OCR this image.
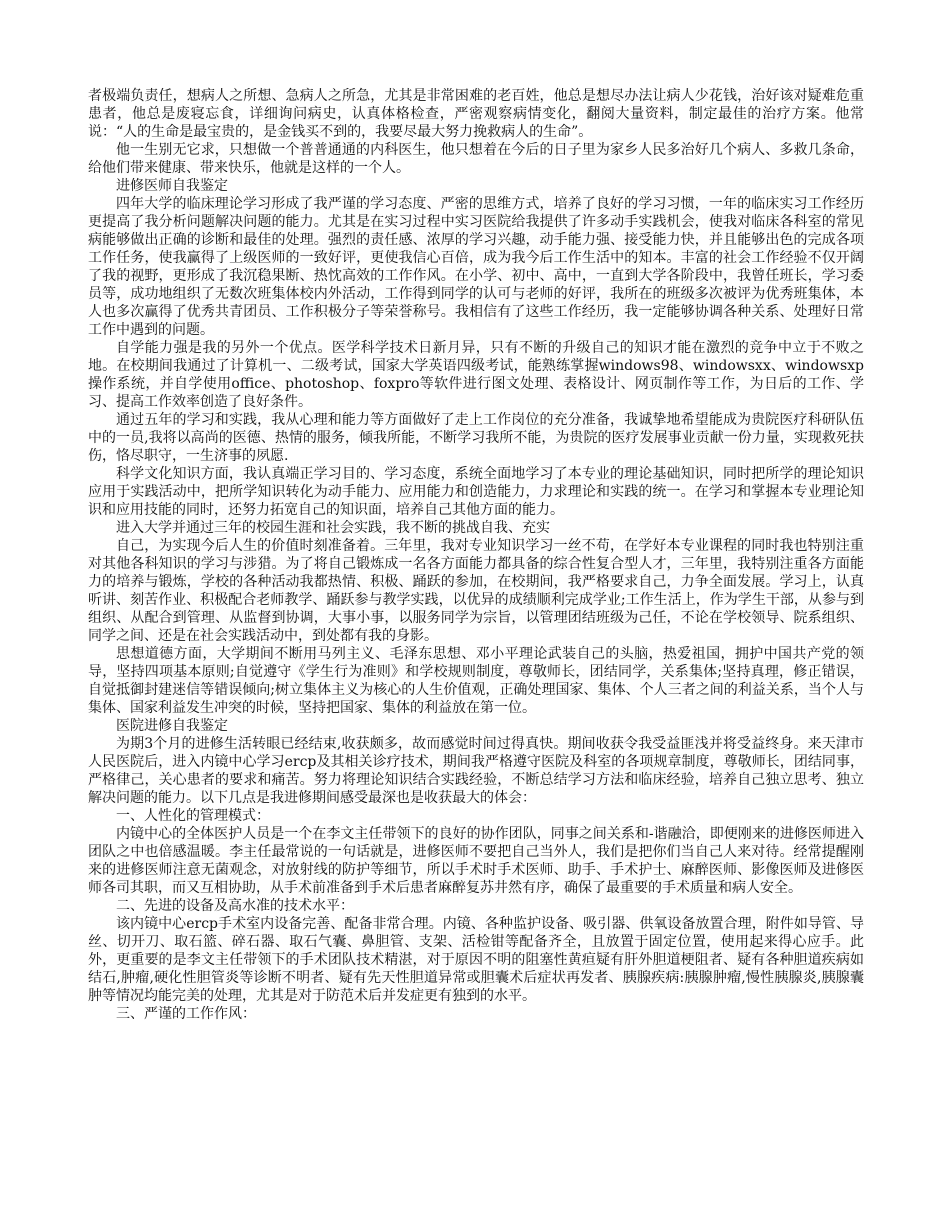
者极端负责任，想病人之所想、急病人之所急，尤其是非常困难的老百姓，他总是想尽办法让病人少花钱，治好该对疑难危重患者，他总是废寝忘食，详细询问病史，认真体格检查，严密观察病情变化，翻阅大量资料，制定最佳的治疗方案。他常说：“人的生命是最宝贵的，是金钱买不到的，我要尽最大努力挽救病人的生命”。

他一生别无它求，只想做一个普普通通的内科医生，他只想着在今后的日子里为家乡人民多治好几个病人、多救几条命，给他们带来健康、带来快乐，他就是这样的一个人。

进修医师自我鉴定

四年大学的临床理论学习形成了我严谨的学习态度、严密的思维方式，培养了良好的学习习惯，一年的临床实习工作经历更提高了我分析问题解决问题的能力。尤其是在实习过程中实习医院给我提供了许多动手实践机会，使我对临床各科室的常见病能够做出正确的诊断和最佳的处理。强烈的责任感、浓厚的学习兴趣，动手能力强、接受能力快，并且能够出色的完成各项工作任务，使我赢得了上级医师的一致好评，更使我信心百倍，成为我今后工作生活中的知本。丰富的社会工作经验不仅开阔了我的视野，更形成了我沉稳果断、热忱高效的工作作风。在小学、初中、高中，一直到大学各阶段中，我曾任班长，学习委员等，成功地组织了无数次班集体校内外活动，工作得到同学的认可与老师的好评，我所在的班级多次被评为优秀班集体，本人也多次赢得了优秀共青团员、工作积极分子等荣誉称号。我相信有了这些工作经历，我一定能够协调各种关系、处理好日常工作中遇到的问题。

自学能力强是我的另外一个优点。医学科学技术日新月异，只有不断的升级自己的知识才能在激烈的竞争中立于不败之地。在校期间我通过了计算机一、二级考试，国家大学英语四级考试，能熟练掌握windows98、windowsxx、windowsxp操作系统，并自学使用office、photoshop、foxpro等软件进行图文处理、表格设计、网页制作等工作，为日后的工作、学习、提高工作效率创造了良好条件。

通过五年的学习和实践，我从心理和能力等方面做好了走上工作岗位的充分准备，我诚挚地希望能成为贵院医疗科研队伍中的一员,我将以高尚的医德、热情的服务，倾我所能，不断学习我所不能，为贵院的医疗发展事业贡献一份力量，实现救死扶伤，恪尽职守，一生济事的夙愿.

科学文化知识方面，我认真端正学习目的、学习态度，系统全面地学习了本专业的理论基础知识，同时把所学的理论知识应用于实践活动中，把所学知识转化为动手能力、应用能力和创造能力，力求理论和实践的统一。在学习和掌握本专业理论知识和应用技能的同时，还努力拓宽自己的知识面，培养自己其他方面的能力。

进入大学并通过三年的校园生涯和社会实践，我不断的挑战自我、充实

自己，为实现今后人生的价值时刻准备着。三年里，我对专业知识学习一丝不苟，在学好本专业课程的同时我也特别注重对其他各科知识的学习与涉猎。为了将自己锻炼成一名各方面能力都具备的综合性复合型人才，三年里，我特别注重各方面能力的培养与锻炼，学校的各种活动我都热情、积极、踊跃的参加，在校期间，我严格要求自己，力争全面发展。学习上，认真听讲、刻苦作业、积极配合老师教学、踊跃参与教学实践，以优异的成绩顺利完成学业;工作生活上，作为学生干部，从参与到组织、从配合到管理、从监督到协调，大事小事，以服务同学为宗旨，以管理团结班级为己任，不论在学校领导、院系组织、同学之间、还是在社会实践活动中，到处都有我的身影。

思想道德方面，大学期间不断用马列主义、毛泽东思想、邓小平理论武装自己的头脑，热爱祖国，拥护中国共产党的领导，坚持四项基本原则;自觉遵守《学生行为准则》和学校规则制度，尊敬师长，团结同学，关系集体;坚持真理，修正错误，自觉抵御封建迷信等错误倾向;树立集体主义为核心的人生价值观，正确处理国家、集体、个人三者之间的利益关系，当个人与集体、国家利益发生冲突的时候，坚持把国家、集体的利益放在第一位。

医院进修自我鉴定

为期3个月的进修生活转眼已经结束,收获颇多，故而感觉时间过得真快。期间收获令我受益匪浅并将受益终身。来天津市人民医院后，进入内镜中心学习ercp及其相关诊疗技术，期间我严格遵守医院及科室的各项规章制度，尊敬师长，团结同事，严格律己，关心患者的要求和痛苦。努力将理论知识结合实践经验，不断总结学习方法和临床经验，培养自己独立思考、独立解决问题的能力。以下几点是我进修期间感受最深也是收获最大的体会：

一、人性化的管理模式：

内镜中心的全体医护人员是一个在李文主任带领下的良好的协作团队，同事之间关系和-谐融洽，即便刚来的进修医师进入团队之中也倍感温暖。李主任最常说的一句话就是，进修医师不要把自己当外人，我们是把你们当自己人来对待。经常提醒刚来的进修医师注意无菌观念，对放射线的防护等细节，所以手术时手术医师、助手、手术护士、麻醉医师、影像医师及进修医师各司其职，而又互相协助，从手术前准备到手术后患者麻醉复苏井然有序，确保了最重要的手术质量和病人安全。

二、先进的设备及高水准的技术水平：

该内镜中心ercp手术室内设备完善、配备非常合理。内镜、各种监护设备、吸引器、供氧设备放置合理，附件如导管、导丝、切开刀、取石篮、碎石器、取石气囊、鼻胆管、支架、活检钳等配备齐全，且放置于固定位置，使用起来得心应手。此外，更重要的是李文主任带领下的手术团队技术精湛，对于原因不明的阻塞性黄疸疑有肝外胆道梗阻者、疑有各种胆道疾病如结石,肿瘤,硬化性胆管炎等诊断不明者、疑有先天性胆道异常或胆囊术后症状再发者、胰腺疾病:胰腺肿瘤,慢性胰腺炎,胰腺囊肿等情况均能完美的处理，尤其是对于防范术后并发症更有独到的水平。

三、严谨的工作作风：
